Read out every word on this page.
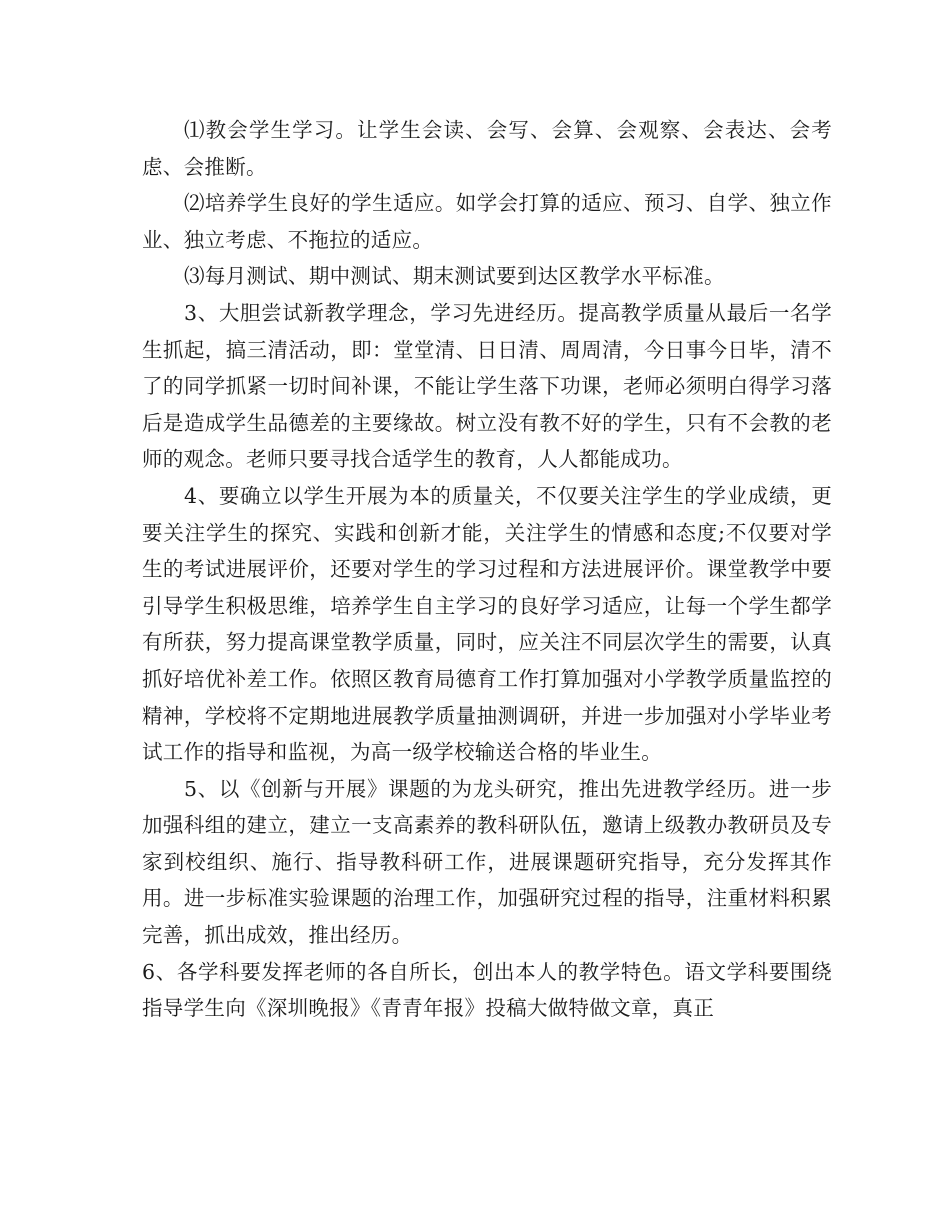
⑴教会学生学习。让学生会读、会写、会算、会观察、会表达、会考虑、会推断。

⑵培养学生良好的学生适应。如学会打算的适应、预习、自学、独立作业、独立考虑、不拖拉的适应。

⑶每月测试、期中测试、期末测试要到达区教学水平标准。

3、大胆尝试新教学理念，学习先进经历。提高教学质量从最后一名学生抓起，搞三清活动，即：堂堂清、日日清、周周清，今日事今日毕，清不了的同学抓紧一切时间补课，不能让学生落下功课，老师必须明白得学习落后是造成学生品德差的主要缘故。树立没有教不好的学生，只有不会教的老师的观念。老师只要寻找合适学生的教育，人人都能成功。

4、要确立以学生开展为本的质量关，不仅要关注学生的学业成绩，更要关注学生的探究、实践和创新才能，关注学生的情感和态度;不仅要对学生的考试进展评价，还要对学生的学习过程和方法进展评价。课堂教学中要引导学生积极思维，培养学生自主学习的良好学习适应，让每一个学生都学有所获，努力提高课堂教学质量，同时，应关注不同层次学生的需要，认真抓好培优补差工作。依照区教育局德育工作打算加强对小学教学质量监控的精神，学校将不定期地进展教学质量抽测调研，并进一步加强对小学毕业考试工作的指导和监视，为高一级学校输送合格的毕业生。

5、以《创新与开展》课题的为龙头研究，推出先进教学经历。进一步加强科组的建立，建立一支高素养的教科研队伍，邀请上级教办教研员及专家到校组织、施行、指导教科研工作，进展课题研究指导，充分发挥其作用。进一步标准实验课题的治理工作，加强研究过程的指导，注重材料积累完善，抓出成效，推出经历。

6、各学科要发挥老师的各自所长，创出本人的教学特色。语文学科要围绕指导学生向《深圳晚报》《青青年报》投稿大做特做文章，真正
